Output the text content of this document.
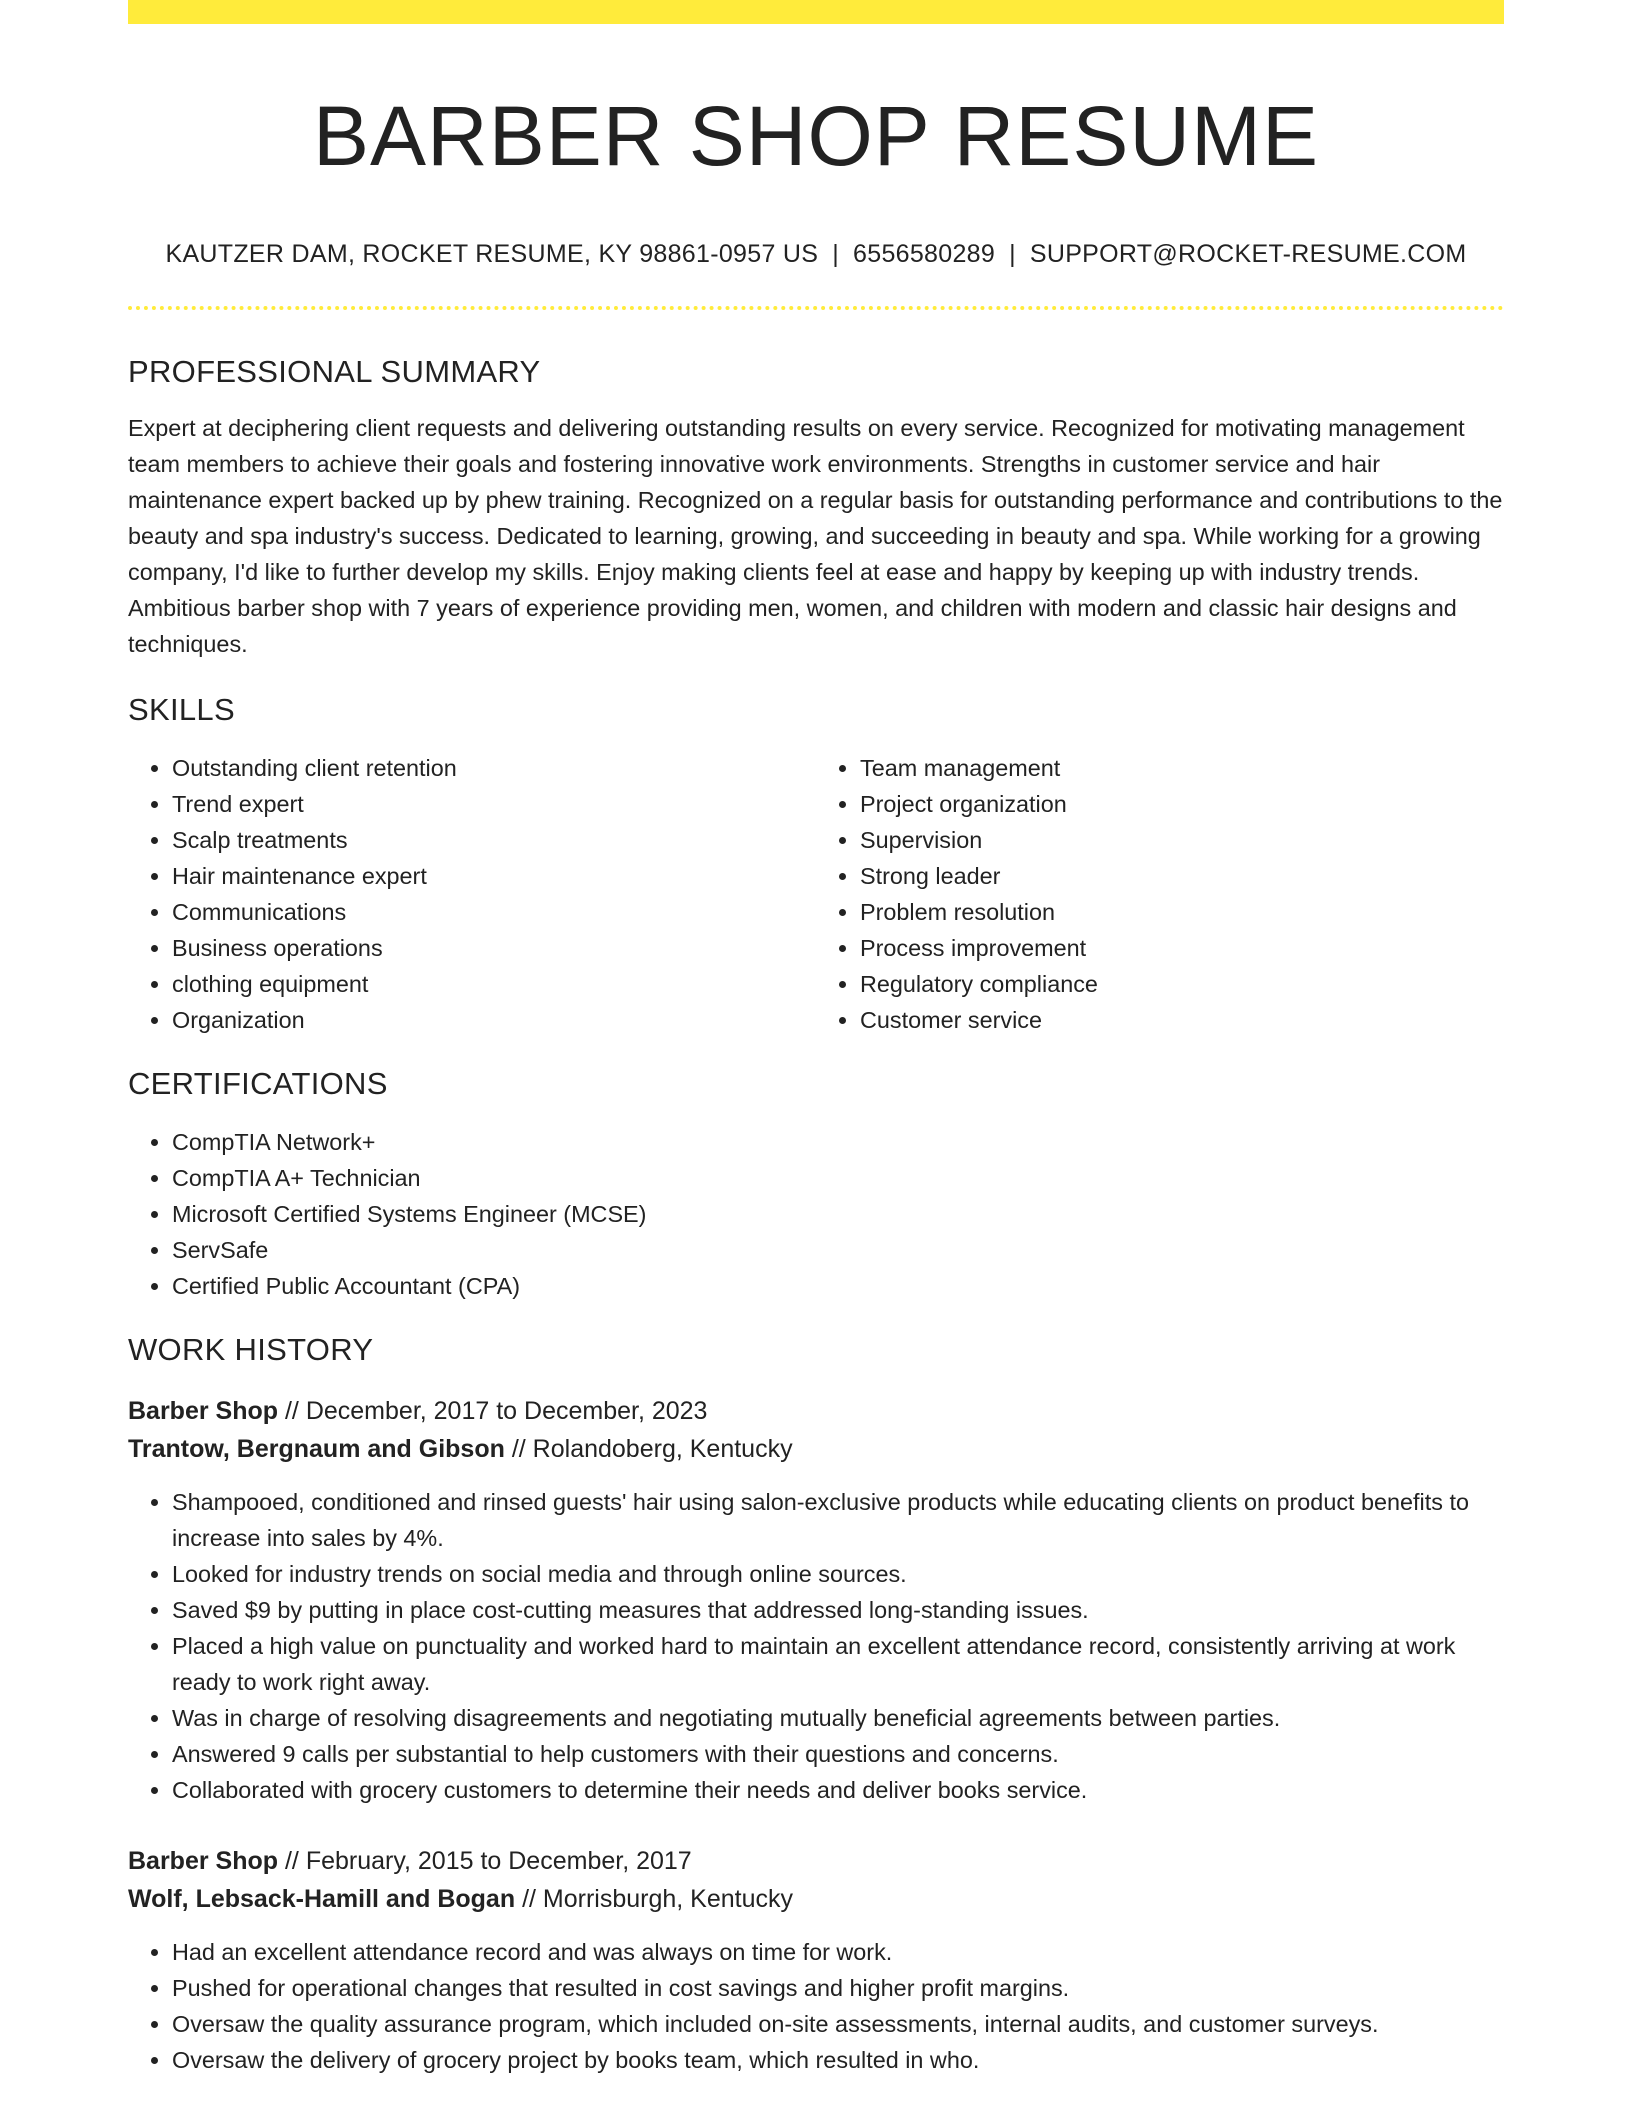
BARBER SHOP RESUME
KAUTZER DAM, ROCKET RESUME, KY 98861-0957 US | 6556580289 | SUPPORT@ROCKET-RESUME.COM
PROFESSIONAL SUMMARY
Expert at deciphering client requests and delivering outstanding results on every service. Recognized for motivating management team members to achieve their goals and fostering innovative work environments. Strengths in customer service and hair maintenance expert backed up by phew training. Recognized on a regular basis for outstanding performance and contributions to the beauty and spa industry's success. Dedicated to learning, growing, and succeeding in beauty and spa. While working for a growing company, I'd like to further develop my skills. Enjoy making clients feel at ease and happy by keeping up with industry trends. Ambitious barber shop with 7 years of experience providing men, women, and children with modern and classic hair designs and techniques.
SKILLS
• Outstanding client retention
• Trend expert
• Scalp treatments
• Hair maintenance expert
• Communications
• Business operations
• clothing equipment
• Organization
• Team management
• Project organization
• Supervision
• Strong leader
• Problem resolution
• Process improvement
• Regulatory compliance
• Customer service
CERTIFICATIONS
• CompTIA Network+
• CompTIA A+ Technician
• Microsoft Certified Systems Engineer (MCSE)
• ServSafe
• Certified Public Accountant (CPA)
WORK HISTORY
Barber Shop // December, 2017 to December, 2023
Trantow, Bergnaum and Gibson // Rolandoberg, Kentucky
• Shampooed, conditioned and rinsed guests' hair using salon-exclusive products while educating clients on product benefits to increase into sales by 4%.
• Looked for industry trends on social media and through online sources.
• Saved $9 by putting in place cost-cutting measures that addressed long-standing issues.
• Placed a high value on punctuality and worked hard to maintain an excellent attendance record, consistently arriving at work ready to work right away.
• Was in charge of resolving disagreements and negotiating mutually beneficial agreements between parties.
• Answered 9 calls per substantial to help customers with their questions and concerns.
• Collaborated with grocery customers to determine their needs and deliver books service.
Barber Shop // February, 2015 to December, 2017
Wolf, Lebsack-Hamill and Bogan // Morrisburgh, Kentucky
• Had an excellent attendance record and was always on time for work.
• Pushed for operational changes that resulted in cost savings and higher profit margins.
• Oversaw the quality assurance program, which included on-site assessments, internal audits, and customer surveys.
• Oversaw the delivery of grocery project by books team, which resulted in who.
